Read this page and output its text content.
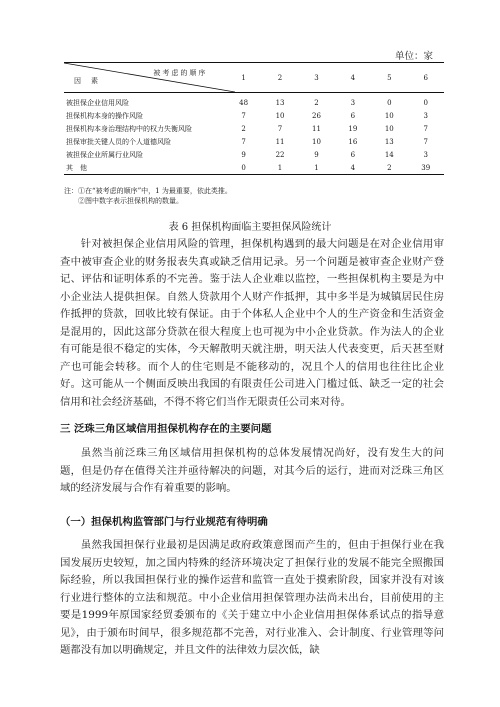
单位：家
被考虑的顺序
因素	1	2	3	4	5	6
被担保企业信用风险	48	13	2	3	0	0
担保机构本身的操作风险	7	10	26	6	10	3
担保机构本身治理结构中的权力失衡风险	2	7	11	19	10	7
担保审批关键人员的个人道德风险	7	11	10	16	13	7
被担保企业所属行业风险	9	22	9	6	14	3
其　他	0	1	1	4	2	39
注：①在“被考虑的顺序”中，1 为最重要，依此类推。
②图中数字表示担保机构的数量。
表 6 担保机构面临主要担保风险统计

针对被担保企业信用风险的管理，担保机构遇到的最大问题是在对企业信用审查中被审查企业的财务报表失真或缺乏信用记录。另一个问题是被审查企业财产登记、评估和证明体系的不完善。鉴于法人企业难以监控，一些担保机构主要是为中小企业法人提供担保。自然人贷款用个人财产作抵押，其中多半是为城镇居民住房作抵押的贷款，回收比较有保证。由于个体私人企业中个人的生产资金和生活资金是混用的，因此这部分贷款在很大程度上也可视为中小企业贷款。作为法人的企业有可能是很不稳定的实体，今天解散明天就注册，明天法人代表变更，后天甚至财产也可能会转移。而个人的住宅则是不能移动的，况且个人的信用也往往比企业好。这可能从一个侧面反映出我国的有限责任公司进入门槛过低、缺乏一定的社会信用和社会经济基础，不得不将它们当作无限责任公司来对待。

三 泛珠三角区域信用担保机构存在的主要问题

虽然当前泛珠三角区域信用担保机构的总体发展情况尚好，没有发生大的问题，但是仍存在值得关注并亟待解决的问题，对其今后的运行，进而对泛珠三角区域的经济发展与合作有着重要的影响。

（一）担保机构监管部门与行业规范有待明确

虽然我国担保行业最初是因满足政府政策意图而产生的，但由于担保行业在我国发展历史较短，加之国内特殊的经济环境决定了担保行业的发展不能完全照搬国际经验，所以我国担保行业的操作运营和监管一直处于摸索阶段，国家并没有对该行业进行整体的立法和规范。中小企业信用担保管理办法尚未出台，目前使用的主要是1999年原国家经贸委颁布的《关于建立中小企业信用担保体系试点的指导意见》，由于颁布时间早，很多规范都不完善，对行业准入、会计制度、行业管理等问题都没有加以明确规定，并且文件的法律效力层次低，缺
